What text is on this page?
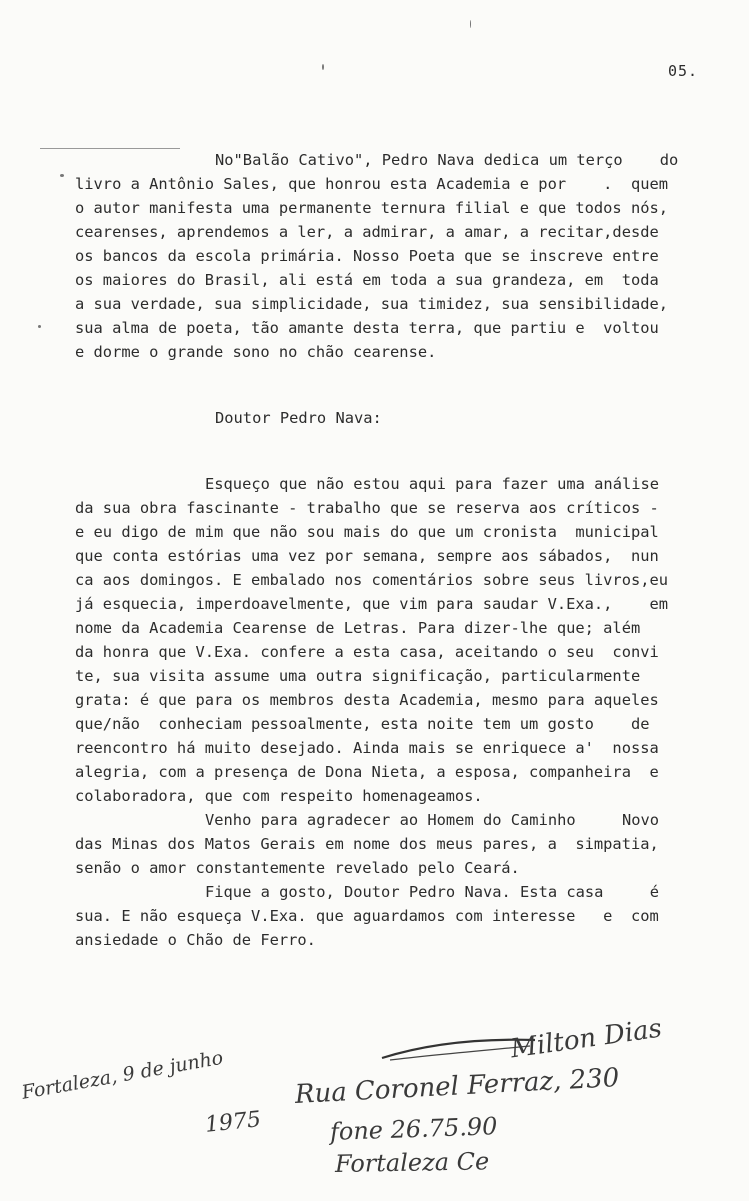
05.
No"Balão Cativo", Pedro Nava dedica um terço    do
livro a Antônio Sales, que honrou esta Academia e por    .  quem
o autor manifesta uma permanente ternura filial e que todos nós,
cearenses, aprendemos a ler, a admirar, a amar, a recitar,desde
os bancos da escola primária. Nosso Poeta que se inscreve entre
os maiores do Brasil, ali está em toda a sua grandeza, em  toda
a sua verdade, sua simplicidade, sua timidez, sua sensibilidade,
sua alma de poeta, tão amante desta terra, que partiu e  voltou
e dorme o grande sono no chão cearense.
Doutor Pedro Nava:
Esqueço que não estou aqui para fazer uma análise
da sua obra fascinante - trabalho que se reserva aos críticos -
e eu digo de mim que não sou mais do que um cronista  municipal
que conta estórias uma vez por semana, sempre aos sábados,  nun
ca aos domingos. E embalado nos comentários sobre seus livros,eu
já esquecia, imperdoavelmente, que vim para saudar V.Exa.,    em
nome da Academia Cearense de Letras. Para dizer-lhe que; além
da honra que V.Exa. confere a esta casa, aceitando o seu  convi
te, sua visita assume uma outra significação, particularmente
grata: é que para os membros desta Academia, mesmo para aqueles
que/não  conheciam pessoalmente, esta noite tem um gosto    de
reencontro há muito desejado. Ainda mais se enriquece a'  nossa
alegria, com a presença de Dona Nieta, a esposa, companheira  e
colaboradora, que com respeito homenageamos.
Venho para agradecer ao Homem do Caminho     Novo
das Minas dos Matos Gerais em nome dos meus pares, a  simpatia,
senão o amor constantemente revelado pelo Ceará.
Fique a gosto, Doutor Pedro Nava. Esta casa     é
sua. E não esqueça V.Exa. que aguardamos com interesse   e  com
ansiedade o Chão de Ferro.
Milton Dias
Fortaleza, 9 de junho
1975
Rua Coronel Ferraz, 230
fone 26.75.90
Fortaleza Ce
